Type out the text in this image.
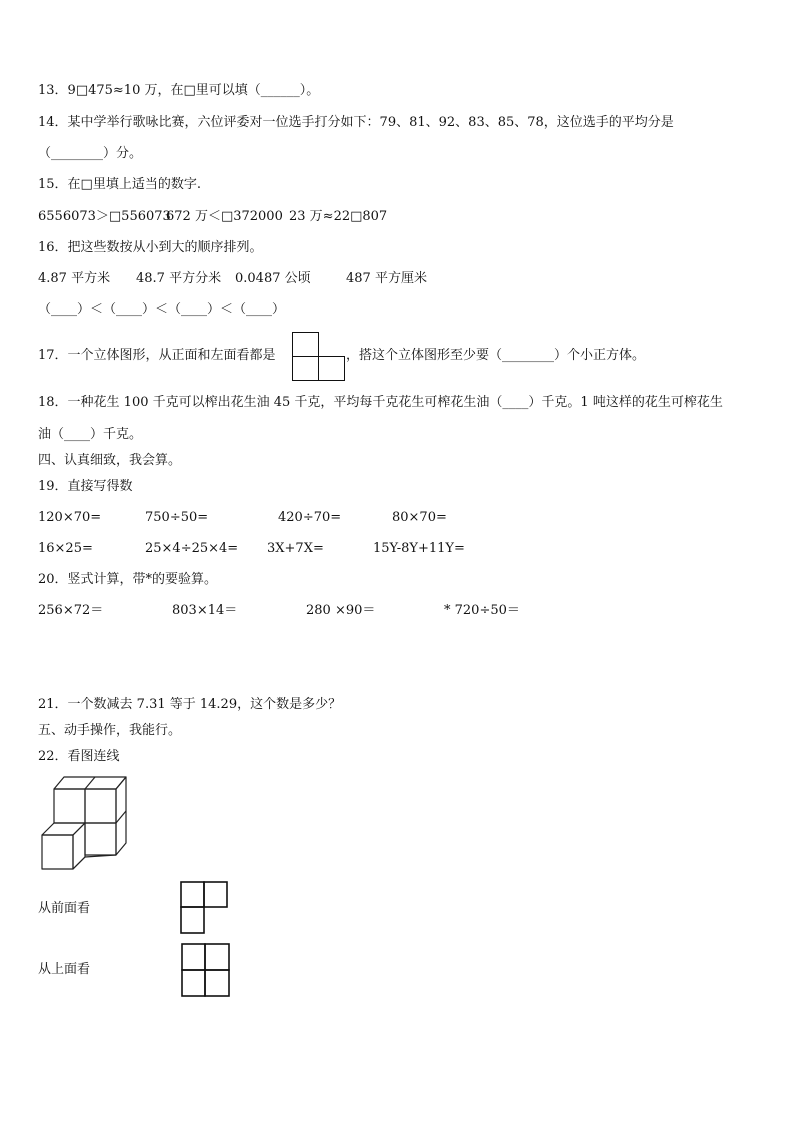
13．9□475≈10 万，在□里可以填（______）。
14．某中学举行歌咏比赛，六位评委对一位选手打分如下：79、81、92、83、85、78，这位选手的平均分是
（________）分。
15．在□里填上适当的数字.
6556073＞□556073
672 万＜□372000 23 万≈22□807
16．把这些数按从小到大的顺序排列。
4.87 平方米 48.7 平方分米 0.0487 公顷	487 平方厘米
（____）＜（____）＜（____）＜（____）
17．一个立体图形，从正面和左面看都是	，搭这个立体图形至少要（________）个小正方体。
18．一种花生 100 千克可以榨出花生油 45 千克，平均每千克花生可榨花生油（____）千克。1 吨这样的花生可榨花生
油（____）千克。
四、认真细致，我会算。
19．直接写得数
120×70=	750÷50=	420÷70=	80×70=
16×25=	25×4÷25×4= 3X+7X=	15Y-8Y+11Y=
20．竖式计算，带*的要验算。
256×72＝	803×14＝	280 ×90＝	* 720÷50＝
21．一个数减去 7.31 等于 14.29，这个数是多少？
五、动手操作，我能行。
22．看图连线
从前面看
从上面看
